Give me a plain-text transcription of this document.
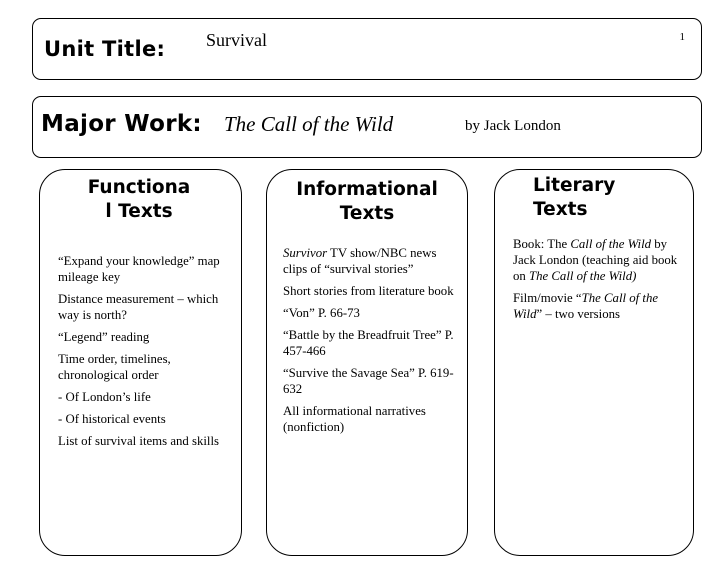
Unit Title: Survival	1
Major Work: The Call of the Wild	by Jack London
Functiona
l Texts

“Expand your knowledge” map mileage key

Distance measurement – which way is north?

“Legend” reading

Time order, timelines, chronological order

- Of London’s life

- Of historical events

List of survival items and skills

Informational
Texts

Survivor TV show/NBC news clips of “survival stories”

Short stories from literature book

“Von” P. 66-73

“Battle by the Breadfruit Tree” P. 457-466

“Survive the Savage Sea” P. 619-632

All informational narratives (nonfiction)

Literary
Texts

Book: The Call of the Wild by Jack London (teaching aid book on The Call of the Wild)

Film/movie “The Call of the Wild” – two versions
